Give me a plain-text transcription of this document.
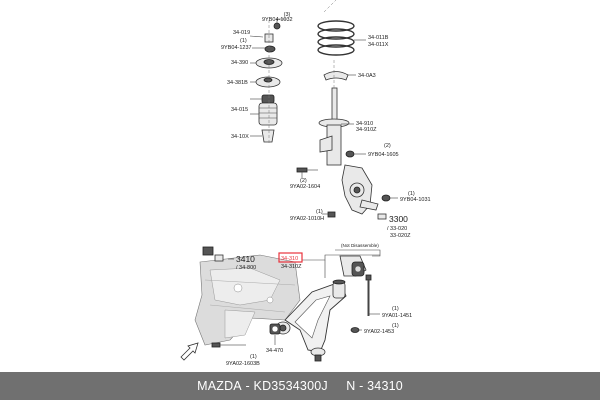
(3)
9YB04-1032
34-019
(1)
9YB04-1237
34-390
34-381B
34-015
34-10X
34-011B
34-011X
34-0A3
34-910
34-910Z
(2)
9YB04-1605
(2)
9YA02-1604
(1)
9YB04-1031
(1)
9YA02-1010H	3300
/ 33-020
33-020Z
3410
/ 34-800
34-310
34-310Z
(Not Disassemble)
(1)
9YA01-1451
(1)
9YA02-1453
34-470
(1)
9YA02-1603B
MAZDA - KD3534300J
N - 34310
